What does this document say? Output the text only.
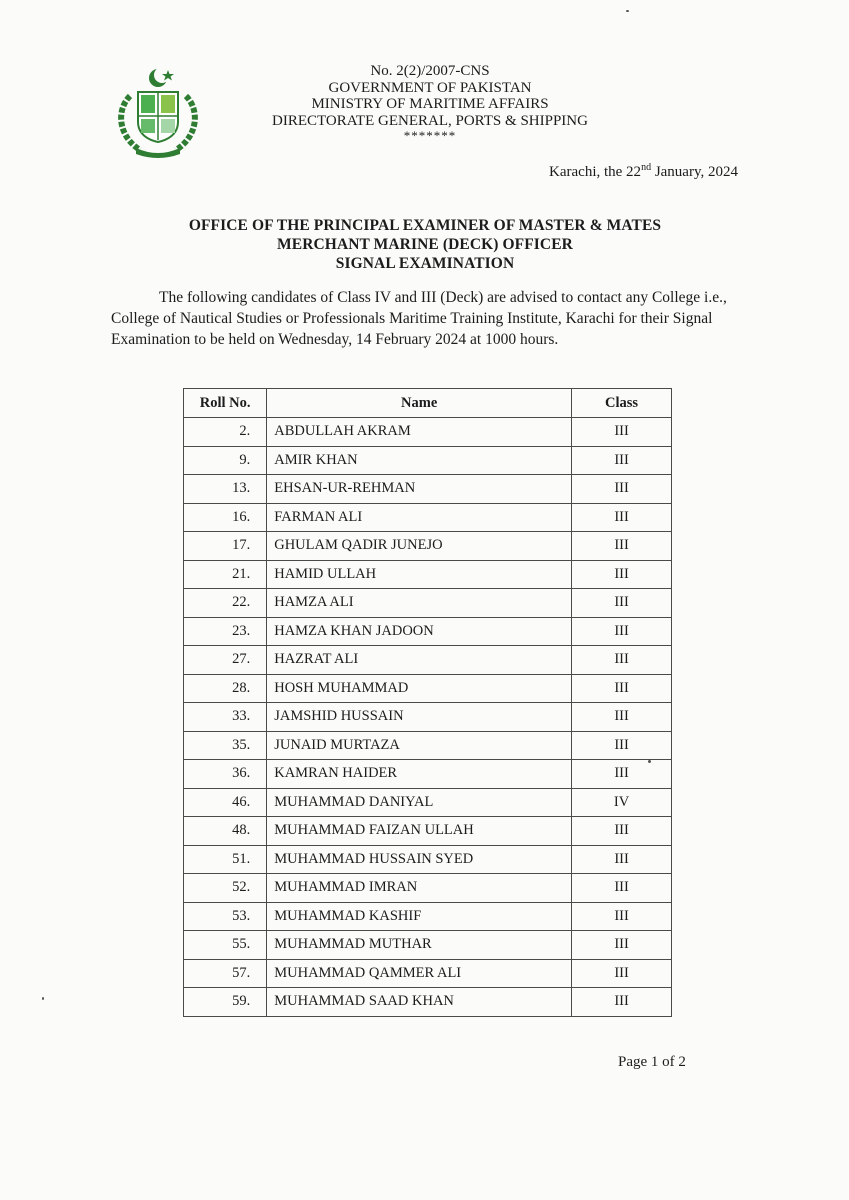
No. 2(2)/2007-CNS
GOVERNMENT OF PAKISTAN
MINISTRY OF MARITIME AFFAIRS
DIRECTORATE GENERAL, PORTS & SHIPPING
*******
Karachi, the 22nd January, 2024
OFFICE OF THE PRINCIPAL EXAMINER OF MASTER & MATES
MERCHANT MARINE (DECK) OFFICER
SIGNAL EXAMINATION

The following candidates of Class IV and III (Deck) are advised to contact any College i.e., College of Nautical Studies or Professionals Maritime Training Institute, Karachi for their Signal Examination to be held on Wednesday, 14 February 2024 at 1000 hours.

Roll No.	Name	Class
2.	ABDULLAH AKRAM	III
9.	AMIR KHAN	III
13.	EHSAN-UR-REHMAN	III
16.	FARMAN ALI	III
17.	GHULAM QADIR JUNEJO	III
21.	HAMID ULLAH	III
22.	HAMZA ALI	III
23.	HAMZA KHAN JADOON	III
27.	HAZRAT ALI	III
28.	HOSH MUHAMMAD	III
33.	JAMSHID HUSSAIN	III
35.	JUNAID MURTAZA	III
36.	KAMRAN HAIDER	III
46.	MUHAMMAD DANIYAL	IV
48.	MUHAMMAD FAIZAN ULLAH	III
51.	MUHAMMAD HUSSAIN SYED	III
52.	MUHAMMAD IMRAN	III
53.	MUHAMMAD KASHIF	III
55.	MUHAMMAD MUTHAR	III
57.	MUHAMMAD QAMMER ALI	III
59.	MUHAMMAD SAAD KHAN	III
Page 1 of 2
